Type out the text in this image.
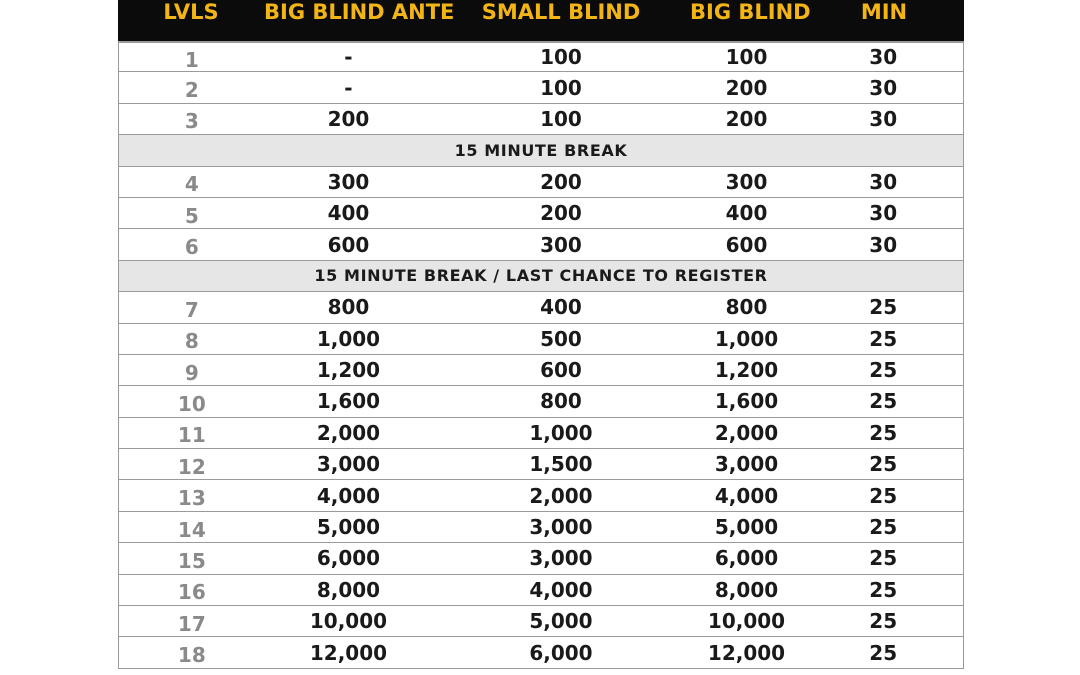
LVLS	BIG BLIND ANTE	SMALL BLIND	BIG BLIND	MIN
1	-	100	100	30
2	-	100	200	30
3	200	100	200	30
15 MINUTE BREAK
4	300	200	300	30
5	400	200	400	30
6	600	300	600	30
15 MINUTE BREAK / LAST CHANCE TO REGISTER
7	800	400	800	25
8	1,000	500	1,000	25
9	1,200	600	1,200	25
10	1,600	800	1,600	25
11	2,000	1,000	2,000	25
12	3,000	1,500	3,000	25
13	4,000	2,000	4,000	25
14	5,000	3,000	5,000	25
15	6,000	3,000	6,000	25
16	8,000	4,000	8,000	25
17	10,000	5,000	10,000	25
18	12,000	6,000	12,000	25
